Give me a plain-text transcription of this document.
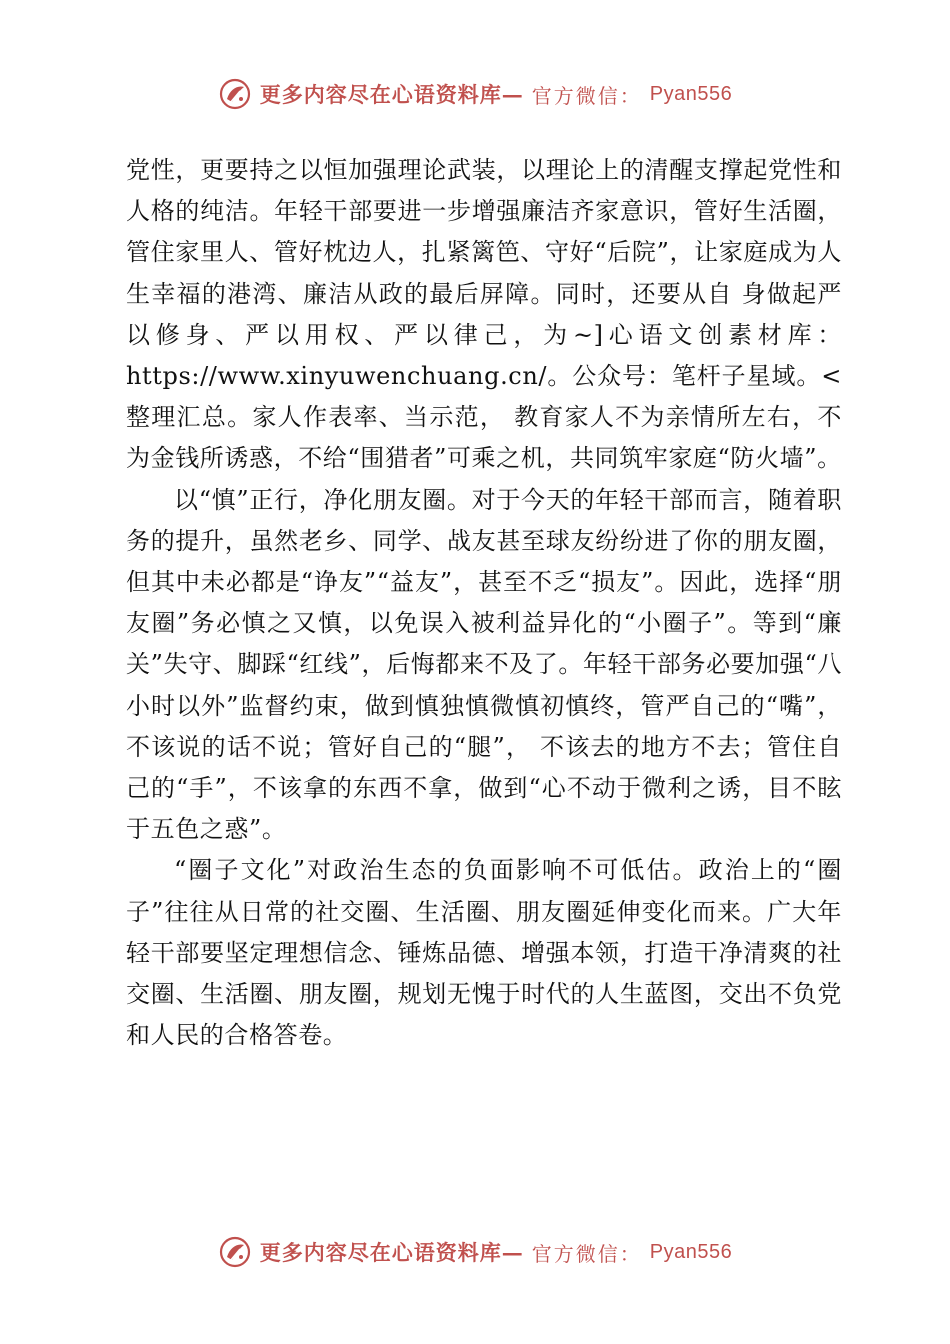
更多内容尽在心语资料库— 官方微信： Pyan556

党性，更要持之以恒加强理论武装，以理论上的清醒支撑起党性和人格的纯洁。年轻干部要进一步增强廉洁齐家意识，管好生活圈，管住家里人、管好枕边人，扎紧篱笆、守好“后院”，让家庭成为人生幸福的港湾、廉洁从政的最后屏障。同时，还要从自 身做起严以修身、严以用权、严以律己，为~]心语文创素材库：https://www.xinyuwenchuang.cn/。公众号：笔杆子星域。<整理汇总。家人作表率、当示范， 教育家人不为亲情所左右，不为金钱所诱惑，不给“围猎者”可乘之机，共同筑牢家庭“防火墙”。

以“慎”正行，净化朋友圈。对于今天的年轻干部而言，随着职务的提升，虽然老乡、同学、战友甚至球友纷纷进了你的朋友圈，但其中未必都是“诤友”“益友”，甚至不乏“损友”。因此，选择“朋友圈”务必慎之又慎，以免误入被利益异化的“小圈子”。等到“廉关”失守、脚踩“红线”，后悔都来不及了。年轻干部务必要加强“八小时以外”监督约束，做到慎独慎微慎初慎终，管严自己的“嘴”，不该说的话不说；管好自己的“腿”， 不该去的地方不去；管住自己的“手”，不该拿的东西不拿，做到“心不动于微利之诱，目不眩于五色之惑”。

“圈子文化”对政治生态的负面影响不可低估。政治上的“圈子”往往从日常的社交圈、生活圈、朋友圈延伸变化而来。广大年轻干部要坚定理想信念、锤炼品德、增强本领，打造干净清爽的社交圈、生活圈、朋友圈，规划无愧于时代的人生蓝图，交出不负党和人民的合格答卷。

更多内容尽在心语资料库— 官方微信： Pyan556
